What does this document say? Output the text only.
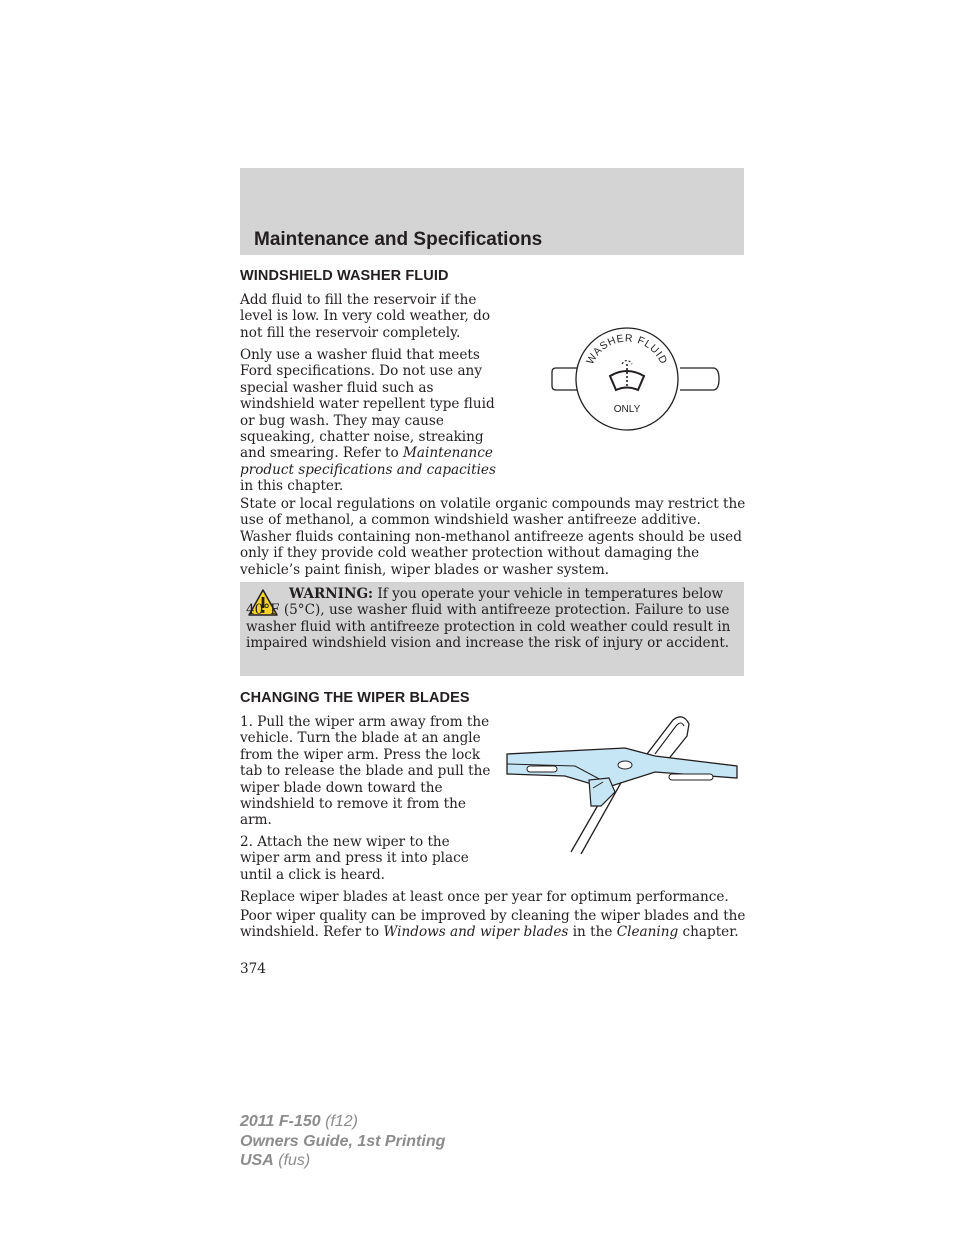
Maintenance and Specifications
WINDSHIELD WASHER FLUID

Add fluid to fill the reservoir if the level is low. In very cold weather, do not fill the reservoir completely.

Only use a washer fluid that meets Ford specifications. Do not use any special washer fluid such as windshield water repellent type fluid or bug wash. They may cause squeaking, chatter noise, streaking and smearing. Refer to Maintenance product specifications and capacities in this chapter.

WASHER FLUID
ONLY

State or local regulations on volatile organic compounds may restrict the use of methanol, a common windshield washer antifreeze additive. Washer fluids containing non-methanol antifreeze agents should be used only if they provide cold weather protection without damaging the vehicle’s paint finish, wiper blades or washer system.

WARNING: If you operate your vehicle in temperatures below 40°F (5°C), use washer fluid with antifreeze protection. Failure to use washer fluid with antifreeze protection in cold weather could result in impaired windshield vision and increase the risk of injury or accident.

CHANGING THE WIPER BLADES

1. Pull the wiper arm away from the vehicle. Turn the blade at an angle from the wiper arm. Press the lock tab to release the blade and pull the wiper blade down toward the windshield to remove it from the arm.

2. Attach the new wiper to the wiper arm and press it into place until a click is heard.

Replace wiper blades at least once per year for optimum performance.

Poor wiper quality can be improved by cleaning the wiper blades and the windshield. Refer to Windows and wiper blades in the Cleaning chapter.

374
2011 F-150 (f12)
Owners Guide, 1st Printing
USA (fus)
